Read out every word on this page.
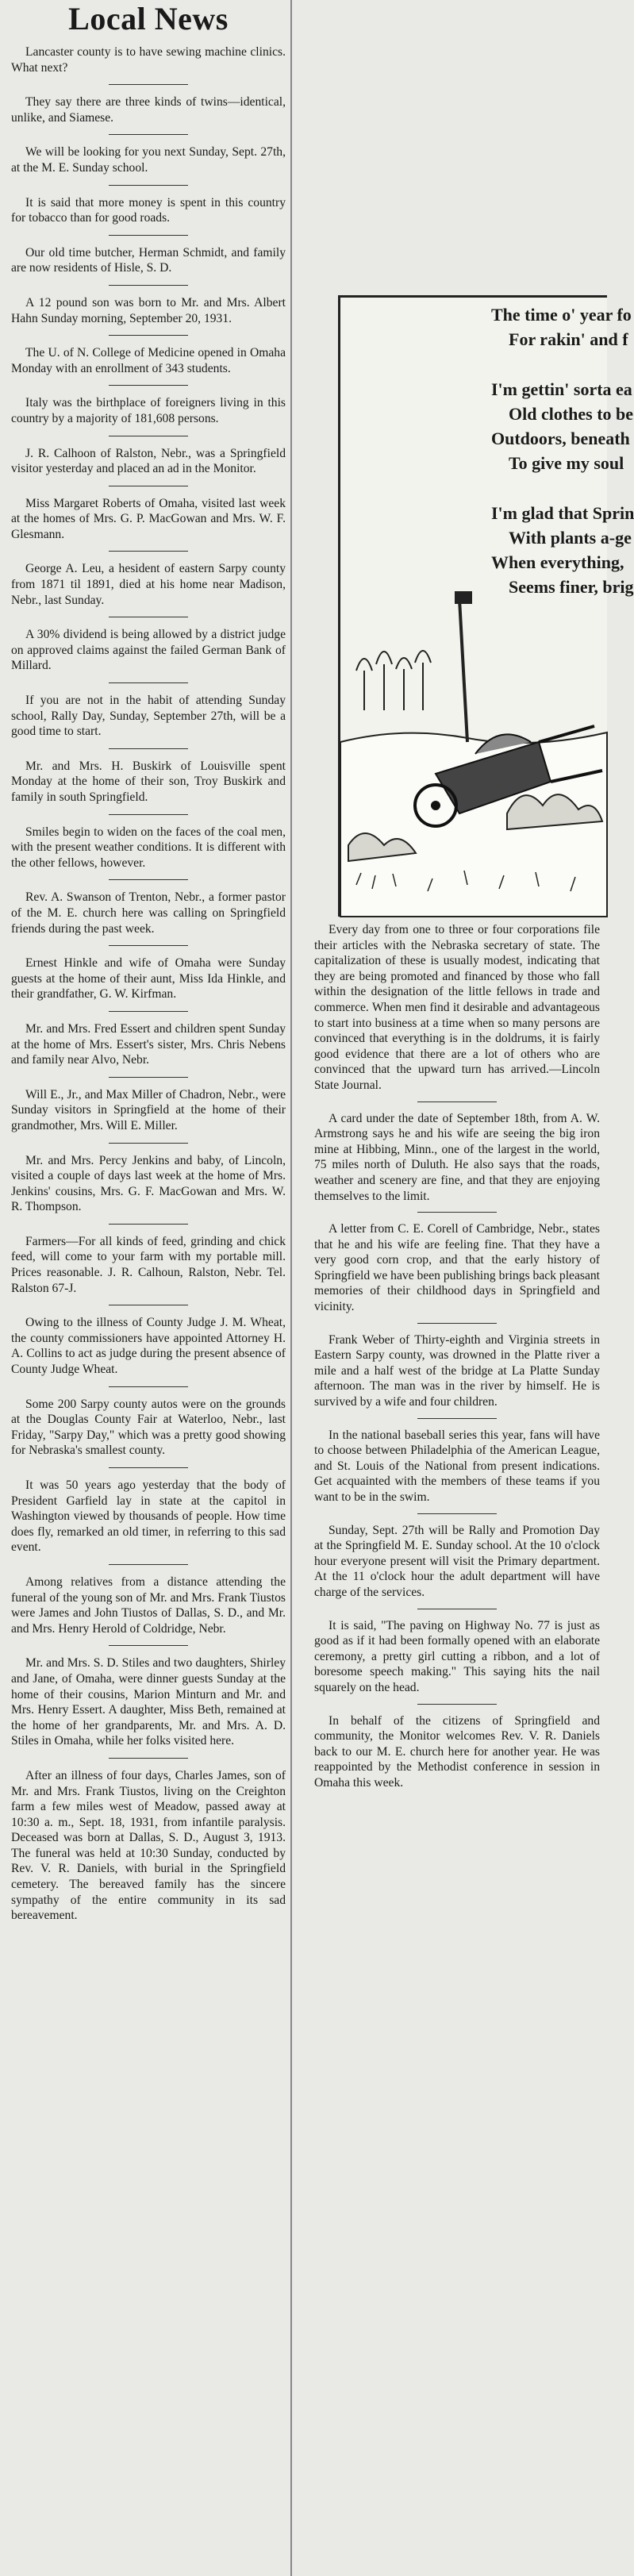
Local News

Lancaster county is to have sewing machine clinics. What next?

They say there are three kinds of twins—identical, unlike, and Siamese.

We will be looking for you next Sunday, Sept. 27th, at the M. E. Sunday school.

It is said that more money is spent in this country for tobacco than for good roads.

Our old time butcher, Herman Schmidt, and family are now residents of Hisle, S. D.

A 12 pound son was born to Mr. and Mrs. Albert Hahn Sunday morning, September 20, 1931.

The U. of N. College of Medicine opened in Omaha Monday with an enrollment of 343 students.

Italy was the birthplace of foreigners living in this country by a majority of 181,608 persons.

J. R. Calhoon of Ralston, Nebr., was a Springfield visitor yesterday and placed an ad in the Monitor.

Miss Margaret Roberts of Omaha, visited last week at the homes of Mrs. G. P. MacGowan and Mrs. W. F. Glesmann.

George A. Leu, a hesident of eastern Sarpy county from 1871 til 1891, died at his home near Madison, Nebr., last Sunday.

A 30% dividend is being allowed by a district judge on approved claims against the failed German Bank of Millard.

If you are not in the habit of attending Sunday school, Rally Day, Sunday, September 27th, will be a good time to start.

Mr. and Mrs. H. Buskirk of Louisville spent Monday at the home of their son, Troy Buskirk and family in south Springfield.

Smiles begin to widen on the faces of the coal men, with the present weather conditions. It is different with the other fellows, however.

Rev. A. Swanson of Trenton, Nebr., a former pastor of the M. E. church here was calling on Springfield friends during the past week.

Ernest Hinkle and wife of Omaha were Sunday guests at the home of their aunt, Miss Ida Hinkle, and their grandfather, G. W. Kirfman.

Mr. and Mrs. Fred Essert and children spent Sunday at the home of Mrs. Essert's sister, Mrs. Chris Nebens and family near Alvo, Nebr.

Will E., Jr., and Max Miller of Chadron, Nebr., were Sunday visitors in Springfield at the home of their grandmother, Mrs. Will E. Miller.

Mr. and Mrs. Percy Jenkins and baby, of Lincoln, visited a couple of days last week at the home of Mrs. Jenkins' cousins, Mrs. G. F. MacGowan and Mrs. W. R. Thompson.

Farmers—For all kinds of feed, grinding and chick feed, will come to your farm with my portable mill. Prices reasonable. J. R. Calhoun, Ralston, Nebr. Tel. Ralston 67-J.

Owing to the illness of County Judge J. M. Wheat, the county commissioners have appointed Attorney H. A. Collins to act as judge during the present absence of County Judge Wheat.

Some 200 Sarpy county autos were on the grounds at the Douglas County Fair at Waterloo, Nebr., last Friday, "Sarpy Day," which was a pretty good showing for Nebraska's smallest county.

It was 50 years ago yesterday that the body of President Garfield lay in state at the capitol in Washington viewed by thousands of people. How time does fly, remarked an old timer, in referring to this sad event.

Among relatives from a distance attending the funeral of the young son of Mr. and Mrs. Frank Tiustos were James and John Tiustos of Dallas, S. D., and Mr. and Mrs. Henry Herold of Coldridge, Nebr.

Mr. and Mrs. S. D. Stiles and two daughters, Shirley and Jane, of Omaha, were dinner guests Sunday at the home of their cousins, Marion Minturn and Mr. and Mrs. Henry Essert. A daughter, Miss Beth, remained at the home of her grandparents, Mr. and Mrs. A. D. Stiles in Omaha, while her folks visited here.

After an illness of four days, Charles James, son of Mr. and Mrs. Frank Tiustos, living on the Creighton farm a few miles west of Meadow, passed away at 10:30 a. m., Sept. 18, 1931, from infantile paralysis. Deceased was born at Dallas, S. D., August 3, 1913. The funeral was held at 10:30 Sunday, conducted by Rev. V. R. Daniels, with burial in the Springfield cemetery. The bereaved family has the sincere sympathy of the entire community in its sad bereavement.

The time o' year fo

For rakin' and f

I'm gettin' sorta ea

Old clothes to be

Outdoors, beneath

To give my soul

I'm glad that Sprin

With plants a-ge

When everything,

Seems finer, brig

Every day from one to three or four corporations file their articles with the Nebraska secretary of state. The capitalization of these is usually modest, indicating that they are being promoted and financed by those who fall within the designation of the little fellows in trade and commerce. When men find it desirable and advantageous to start into business at a time when so many persons are convinced that everything is in the doldrums, it is fairly good evidence that there are a lot of others who are convinced that the upward turn has arrived.—Lincoln State Journal.

A card under the date of September 18th, from A. W. Armstrong says he and his wife are seeing the big iron mine at Hibbing, Minn., one of the largest in the world, 75 miles north of Duluth. He also says that the roads, weather and scenery are fine, and that they are enjoying themselves to the limit.

A letter from C. E. Corell of Cambridge, Nebr., states that he and his wife are feeling fine. That they have a very good corn crop, and that the early history of Springfield we have been publishing brings back pleasant memories of their childhood days in Springfield and vicinity.

Frank Weber of Thirty-eighth and Virginia streets in Eastern Sarpy county, was drowned in the Platte river a mile and a half west of the bridge at La Platte Sunday afternoon. The man was in the river by himself. He is survived by a wife and four children.

In the national baseball series this year, fans will have to choose between Philadelphia of the American League, and St. Louis of the National from present indications. Get acquainted with the members of these teams if you want to be in the swim.

Sunday, Sept. 27th will be Rally and Promotion Day at the Springfield M. E. Sunday school. At the 10 o'clock hour everyone present will visit the Primary department. At the 11 o'clock hour the adult department will have charge of the services.

It is said, "The paving on Highway No. 77 is just as good as if it had been formally opened with an elaborate ceremony, a pretty girl cutting a ribbon, and a lot of boresome speech making." This saying hits the nail squarely on the head.

In behalf of the citizens of Springfield and community, the Monitor welcomes Rev. V. R. Daniels back to our M. E. church here for another year. He was reappointed by the Methodist conference in session in Omaha this week.
